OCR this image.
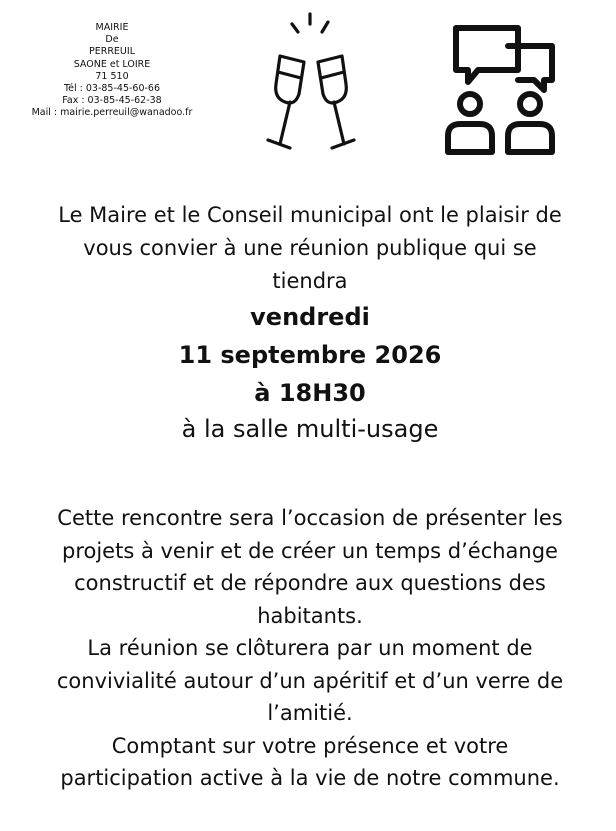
MAIRIE
De
PERREUIL
SAONE et LOIRE
71 510
Tél : 03-85-45-60-66
Fax : 03-85-45-62-38
Mail : mairie.perreuil@wanadoo.fr

Le Maire et le Conseil municipal ont le plaisir de

vous convier à une réunion publique qui se

tiendra

vendredi

11 septembre 2026

à 18H30

à la salle multi-usage

Cette rencontre sera l’occasion de présenter les

projets à venir et de créer un temps d’échange

constructif et de répondre aux questions des

habitants.

La réunion se clôturera par un moment de

convivialité autour d’un apéritif et d’un verre de

l’amitié.

Comptant sur votre présence et votre

participation active à la vie de notre commune.
